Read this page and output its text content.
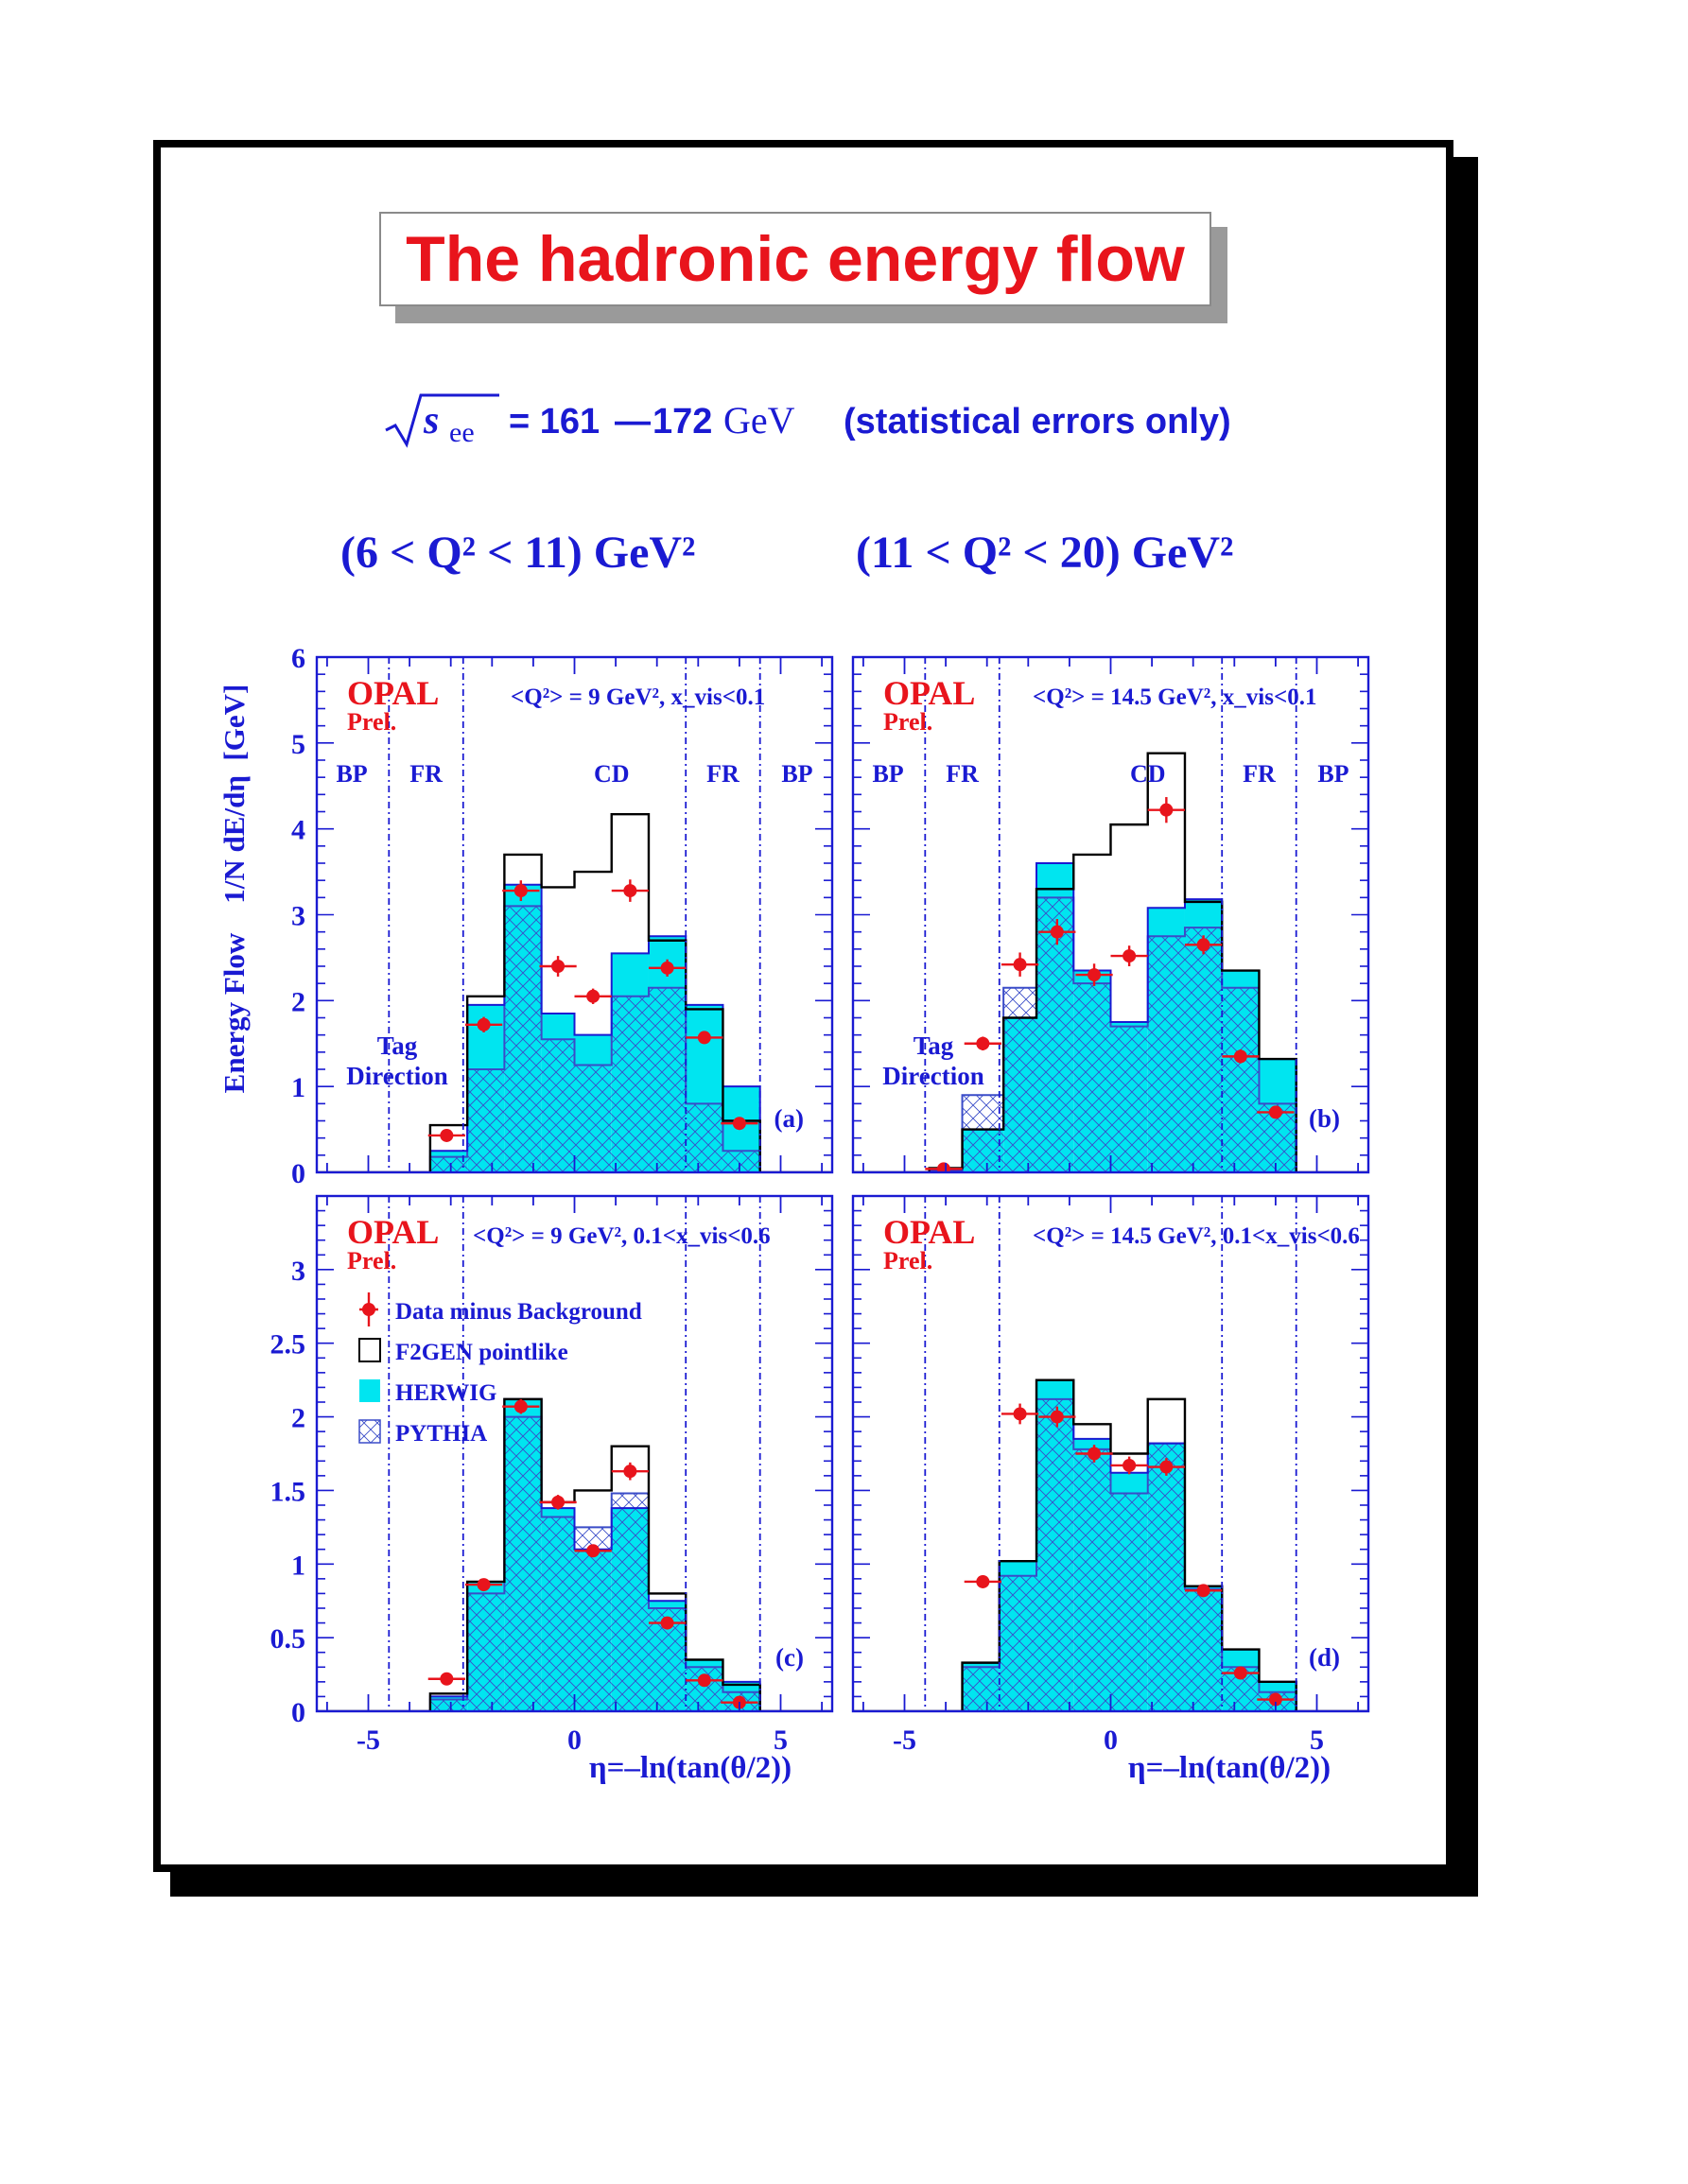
The hadronic energy flow
s ee = 161 — 172 GeV (statistical errors only)
(6 < Q² < 11) GeV²	(11 < Q² < 20) GeV²
Energy Flow    1/N dE/dη  [GeV]
η=–ln(tan(θ/2))	η=–ln(tan(θ/2))
0
1
2
3
4
5
6
OPAL
Prel.
<Q²> = 9 GeV², x_vis<0.1
BP FR	CD	FR BP
Tag
Direction
(a)
OPAL
Prel.
<Q²> = 14.5 GeV², x_vis<0.1
BP FR	CD	FR BP
Tag
Direction
(b)
0
0.5
1
1.5
2
2.5
3
-5	0	5
OPAL
Prel.
<Q²> = 9 GeV², 0.1<x_vis<0.6
(c)
-5	0	5
OPAL
Prel.
<Q²> = 14.5 GeV², 0.1<x_vis<0.6
(d)
Data minus Background
F2GEN pointlike
HERWIG
PYTHIA
